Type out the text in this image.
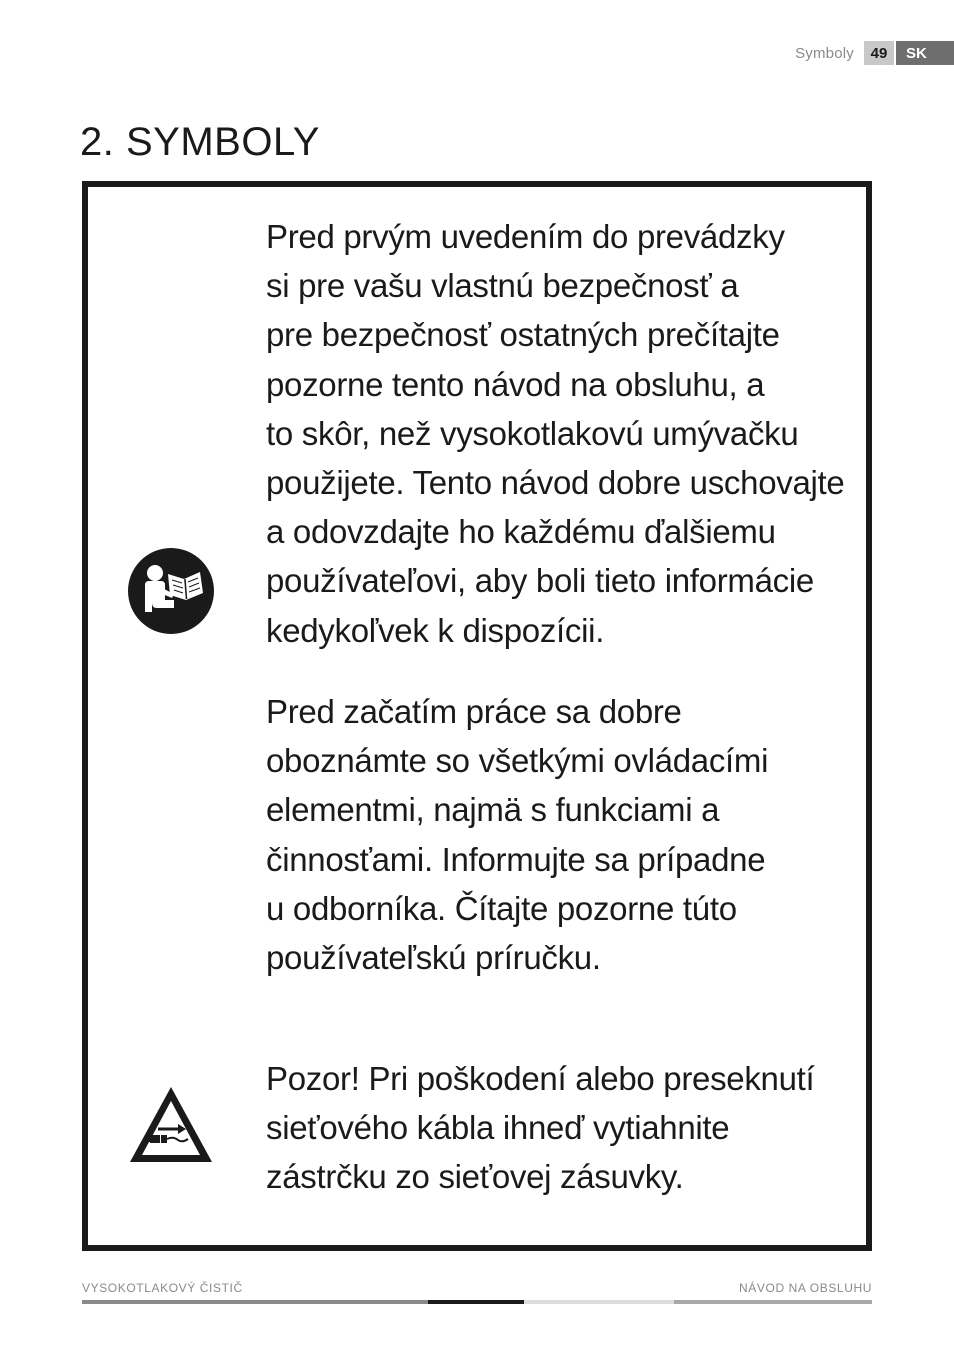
Symboly	49	SK
2. SYMBOLY

Pred prvým uvedením do prevádzky
si pre vašu vlastnú bezpečnosť a
pre bezpečnosť ostatných prečítajte
pozorne tento návod na obsluhu, a
to skôr, než vysokotlakovú umývačku
použijete. Tento návod dobre uschovajte
a odovzdajte ho každému ďalšiemu
používateľovi, aby boli tieto informácie
kedykoľvek k dispozícii.

Pred začatím práce sa dobre
oboznámte so všetkými ovládacími
elementmi, najmä s funkciami a
činnosťami. Informujte sa prípadne
u odborníka. Čítajte pozorne túto
používateľskú príručku.

Pozor! Pri poškodení alebo preseknutí
sieťového kábla ihneď vytiahnite
zástrčku zo sieťovej zásuvky.

VYSOKOTLAKOVÝ ČISTIČ	NÁVOD NA OBSLUHU
